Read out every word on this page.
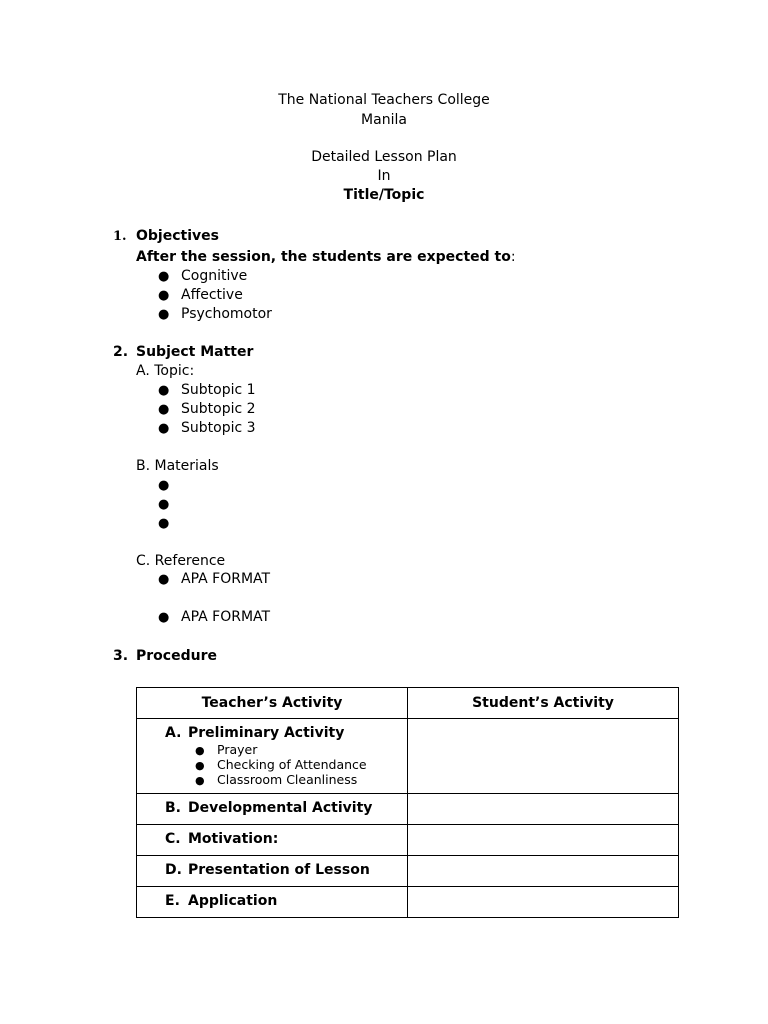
The National Teachers College
Manila
Detailed Lesson Plan
In
Title/Topic
1. Objectives
After the session, the students are expected to:
● Cognitive
● Affective
● Psychomotor
2. Subject Matter
A. Topic:
● Subtopic 1
● Subtopic 2
● Subtopic 3
B. Materials
●
●
●
C. Reference
● APA FORMAT
● APA FORMAT
3. Procedure
Teacher’s Activity	Student’s Activity

A. Preliminary Activity
● Prayer
● Checking of Attendance
● Classroom Cleanliness	

B. Developmental Activity	

C. Motivation:	

D. Presentation of Lesson	

E. Application	
